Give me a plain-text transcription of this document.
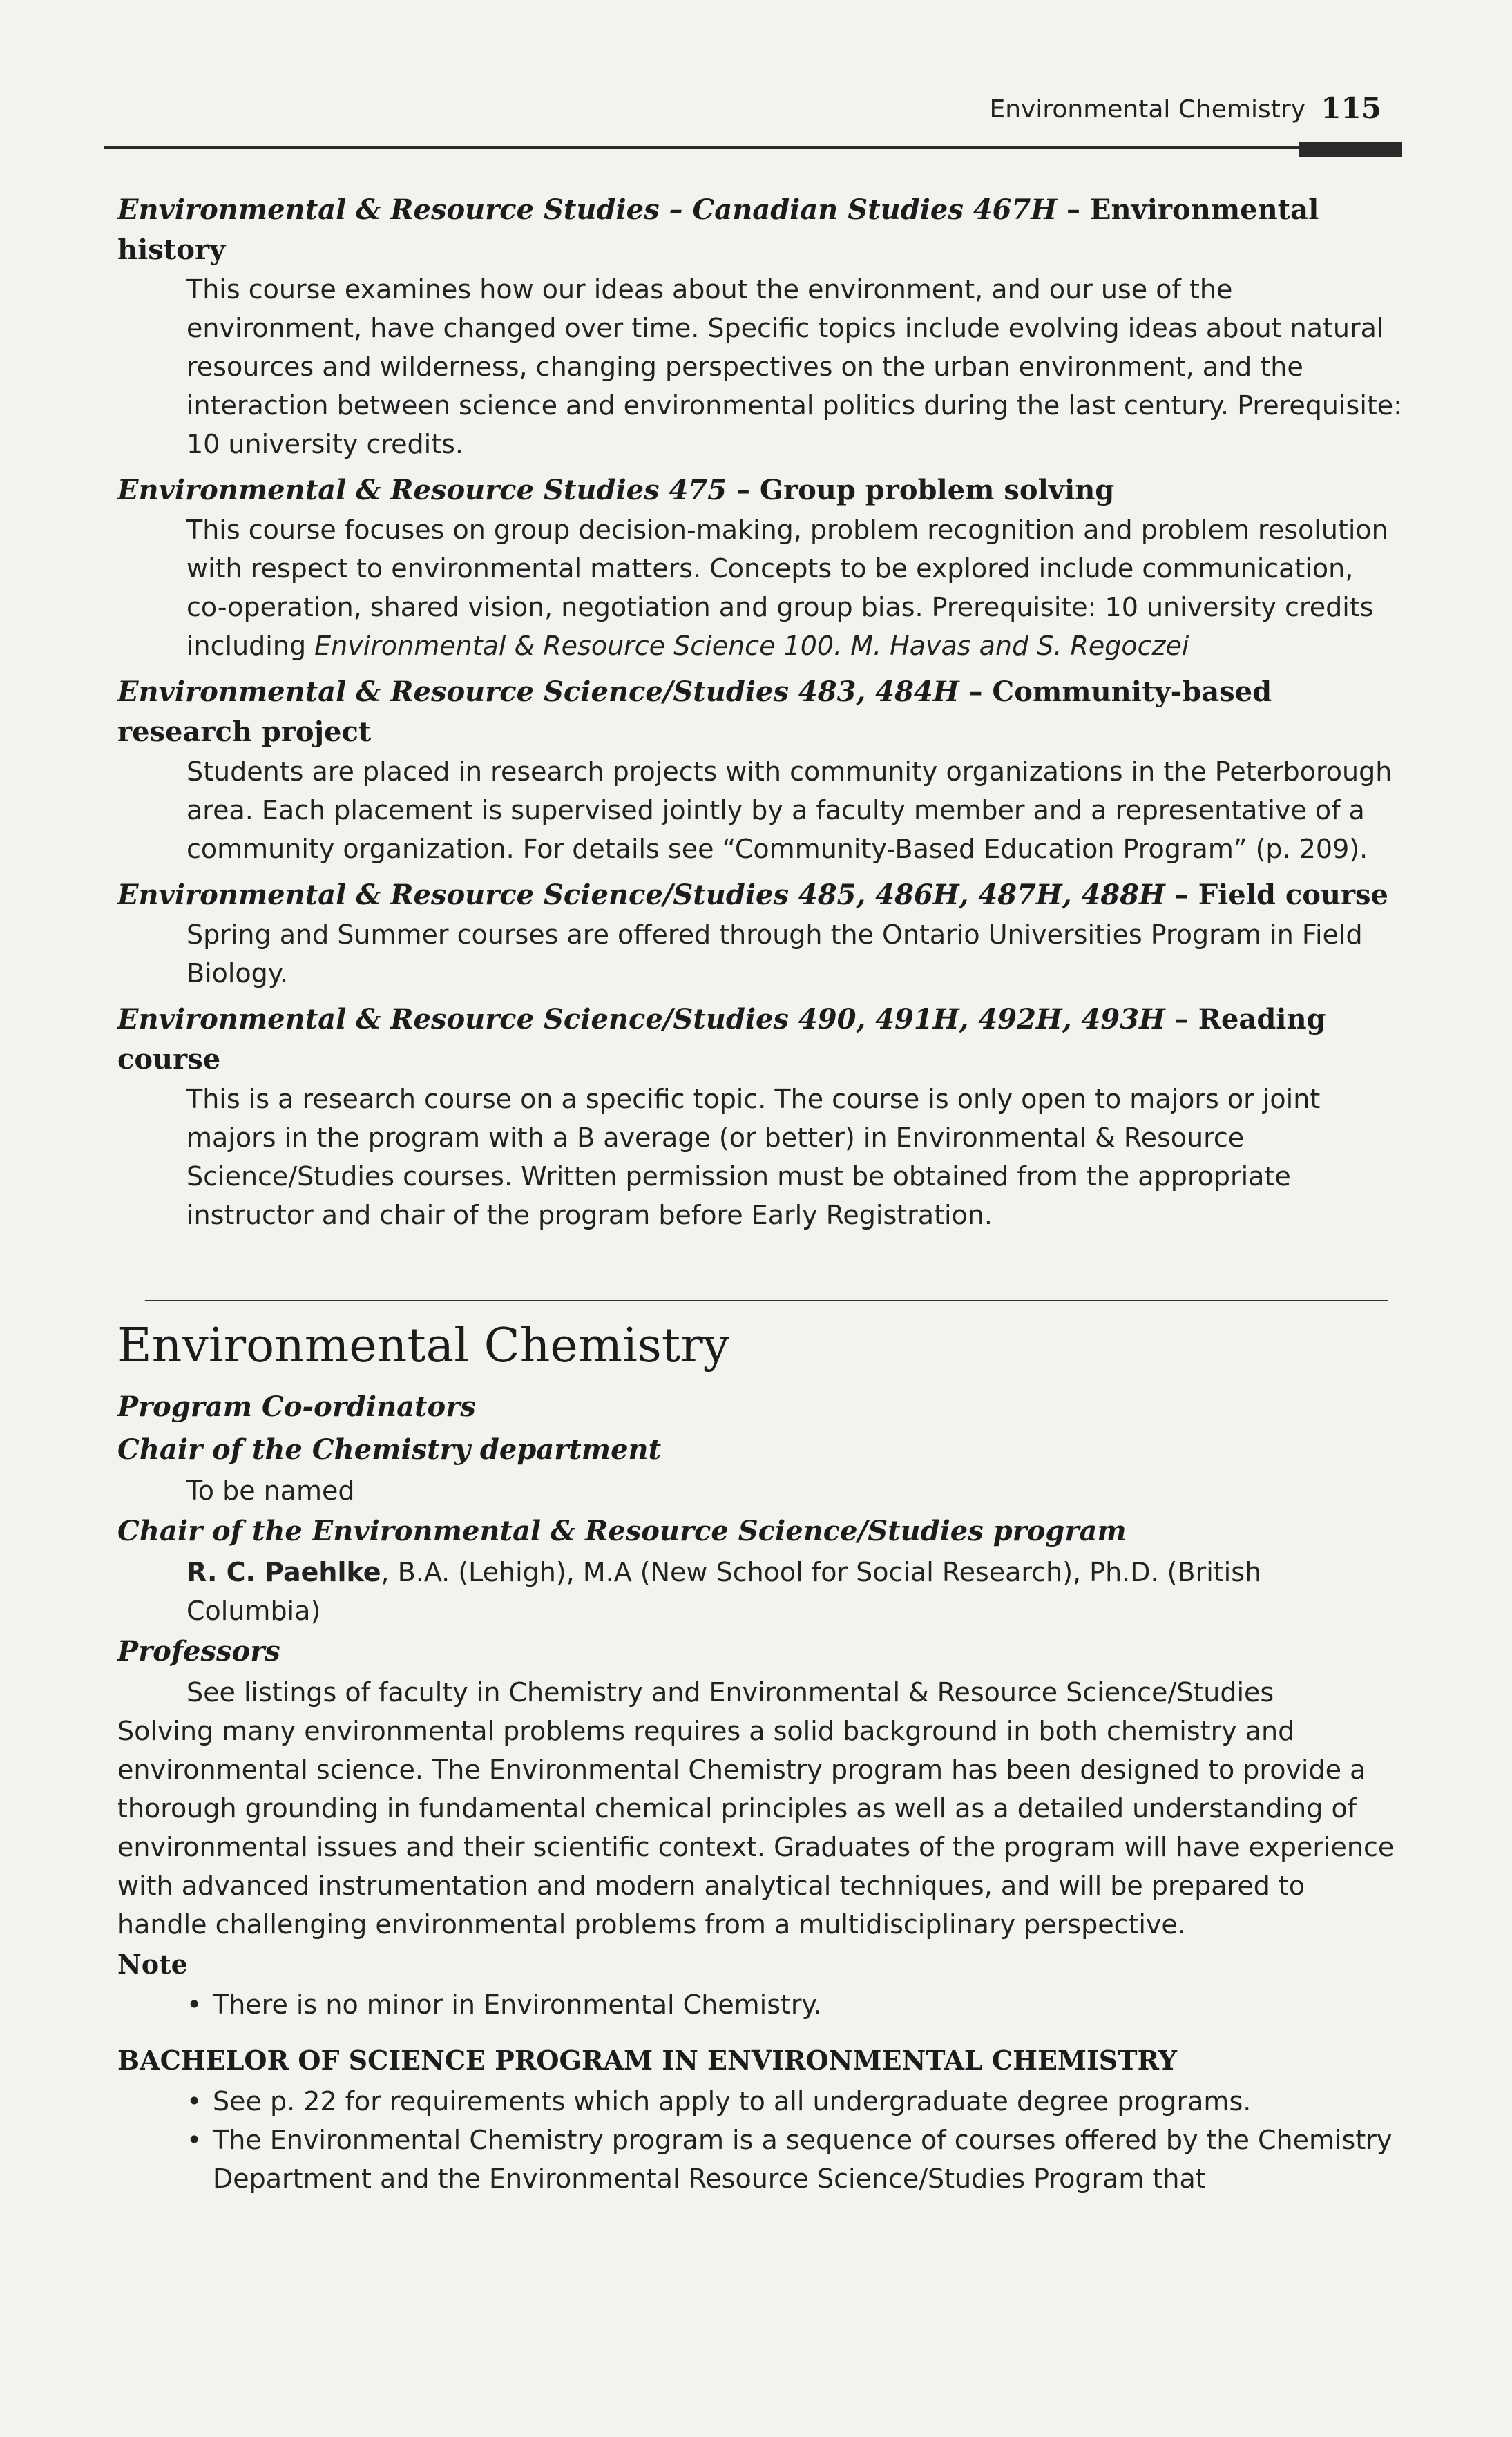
Environmental Chemistry 115
Environmental & Resource Studies – Canadian Studies 467H – Environmental history
This course examines how our ideas about the environment, and our use of the environment, have changed over time. Specific topics include evolving ideas about natural resources and wilderness, changing perspectives on the urban environment, and the interaction between science and environmental politics during the last century. Prerequisite: 10 university credits.
Environmental & Resource Studies 475 – Group problem solving
This course focuses on group decision-making, problem recognition and problem resolution with respect to environmental matters. Concepts to be explored include communication, co-operation, shared vision, negotiation and group bias. Prerequisite: 10 university credits including Environmental & Resource Science 100. M. Havas and S. Regoczei
Environmental & Resource Science/Studies 483, 484H – Community-based research project
Students are placed in research projects with community organizations in the Peterborough area. Each placement is supervised jointly by a faculty member and a representative of a community organization. For details see “Community-Based Education Program” (p. 209).
Environmental & Resource Science/Studies 485, 486H, 487H, 488H – Field course
Spring and Summer courses are offered through the Ontario Universities Program in Field Biology.
Environmental & Resource Science/Studies 490, 491H, 492H, 493H – Reading course
This is a research course on a specific topic. The course is only open to majors or joint majors in the program with a B average (or better) in Environmental & Resource Science/Studies courses. Written permission must be obtained from the appropriate instructor and chair of the program before Early Registration.
Environmental Chemistry
Program Co-ordinators
Chair of the Chemistry department
To be named
Chair of the Environmental & Resource Science/Studies program
R. C. Paehlke, B.A. (Lehigh), M.A (New School for Social Research), Ph.D. (British Columbia)
Professors
See listings of faculty in Chemistry and Environmental & Resource Science/Studies
Solving many environmental problems requires a solid background in both chemistry and environmental science. The Environmental Chemistry program has been designed to provide a thorough grounding in fundamental chemical principles as well as a detailed understanding of environmental issues and their scientific context. Graduates of the program will have experience with advanced instrumentation and modern analytical techniques, and will be prepared to handle challenging environmental problems from a multidisciplinary perspective.
Note
• There is no minor in Environmental Chemistry.
BACHELOR OF SCIENCE PROGRAM IN ENVIRONMENTAL CHEMISTRY
• See p. 22 for requirements which apply to all undergraduate degree programs.
• The Environmental Chemistry program is a sequence of courses offered by the Chemistry Department and the Environmental Resource Science/Studies Program that
